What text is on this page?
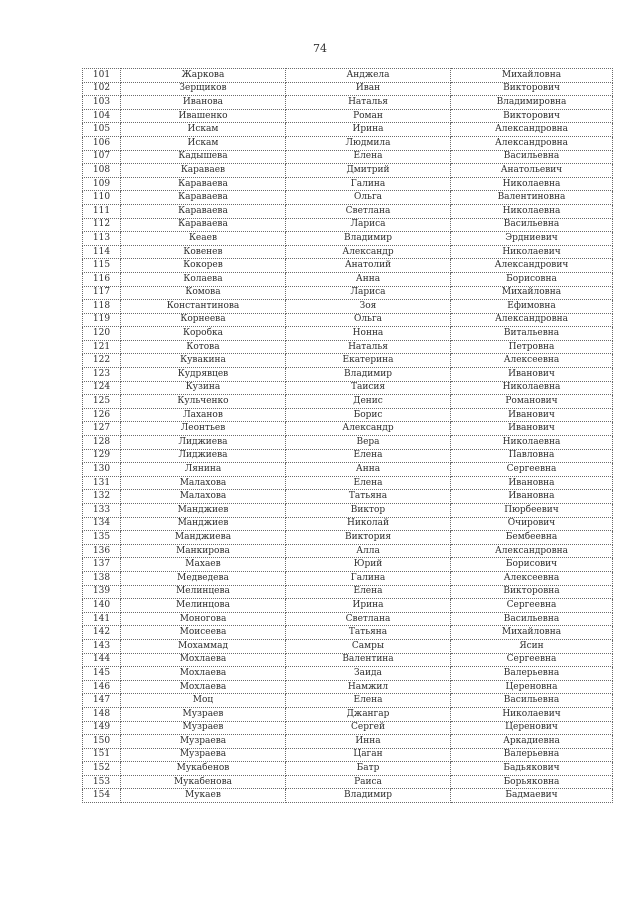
74
101	Жаркова	Анджела	Михайловна
102	Зерщиков	Иван	Викторович
103	Иванова	Наталья	Владимировна
104	Ивашенко	Роман	Викторович
105	Искам	Ирина	Александровна
106	Искам	Людмила	Александровна
107	Кадышева	Елена	Васильевна
108	Караваев	Дмитрий	Анатольевич
109	Караваева	Галина	Николаевна
110	Караваева	Ольга	Валентиновна
111	Караваева	Светлана	Николаевна
112	Караваева	Лариса	Васильевна
113	Кеаев	Владимир	Эрдниевич
114	Ковенев	Александр	Николаевич
115	Кокорев	Анатолий	Александрович
116	Колаева	Анна	Борисовна
117	Комова	Лариса	Михайловна
118	Константинова	Зоя	Ефимовна
119	Корнеева	Ольга	Александровна
120	Коробка	Нонна	Витальевна
121	Котова	Наталья	Петровна
122	Кувакина	Екатерина	Алексеевна
123	Кудрявцев	Владимир	Иванович
124	Кузина	Таисия	Николаевна
125	Кульченко	Денис	Романович
126	Лаханов	Борис	Иванович
127	Леонтьев	Александр	Иванович
128	Лиджиева	Вера	Николаевна
129	Лиджиева	Елена	Павловна
130	Лянина	Анна	Сергеевна
131	Малахова	Елена	Ивановна
132	Малахова	Татьяна	Ивановна
133	Манджиев	Виктор	Пюрбеевич
134	Манджиев	Николай	Очирович
135	Манджиева	Виктория	Бембеевна
136	Манкирова	Алла	Александровна
137	Махаев	Юрий	Борисович
138	Медведева	Галина	Алексеевна
139	Мелинцева	Елена	Викторовна
140	Мелинцова	Ирина	Сергеевна
141	Моногова	Светлана	Васильевна
142	Моисеева	Татьяна	Михайловна
143	Мохаммад	Самры	Ясин
144	Мохлаева	Валентина	Сергеевна
145	Мохлаева	Заида	Валерьевна
146	Мохлаева	Намжил	Цереновна
147	Моц	Елена	Васильевна
148	Музраев	Джангар	Николаевич
149	Музраев	Сергей	Церенович
150	Музраева	Инна	Аркадиевна
151	Музраева	Цаган	Валерьевна
152	Мукабенов	Батр	Бадьякович
153	Мукабенова	Раиса	Борьяковна
154	Мукаев	Владимир	Бадмаевич
